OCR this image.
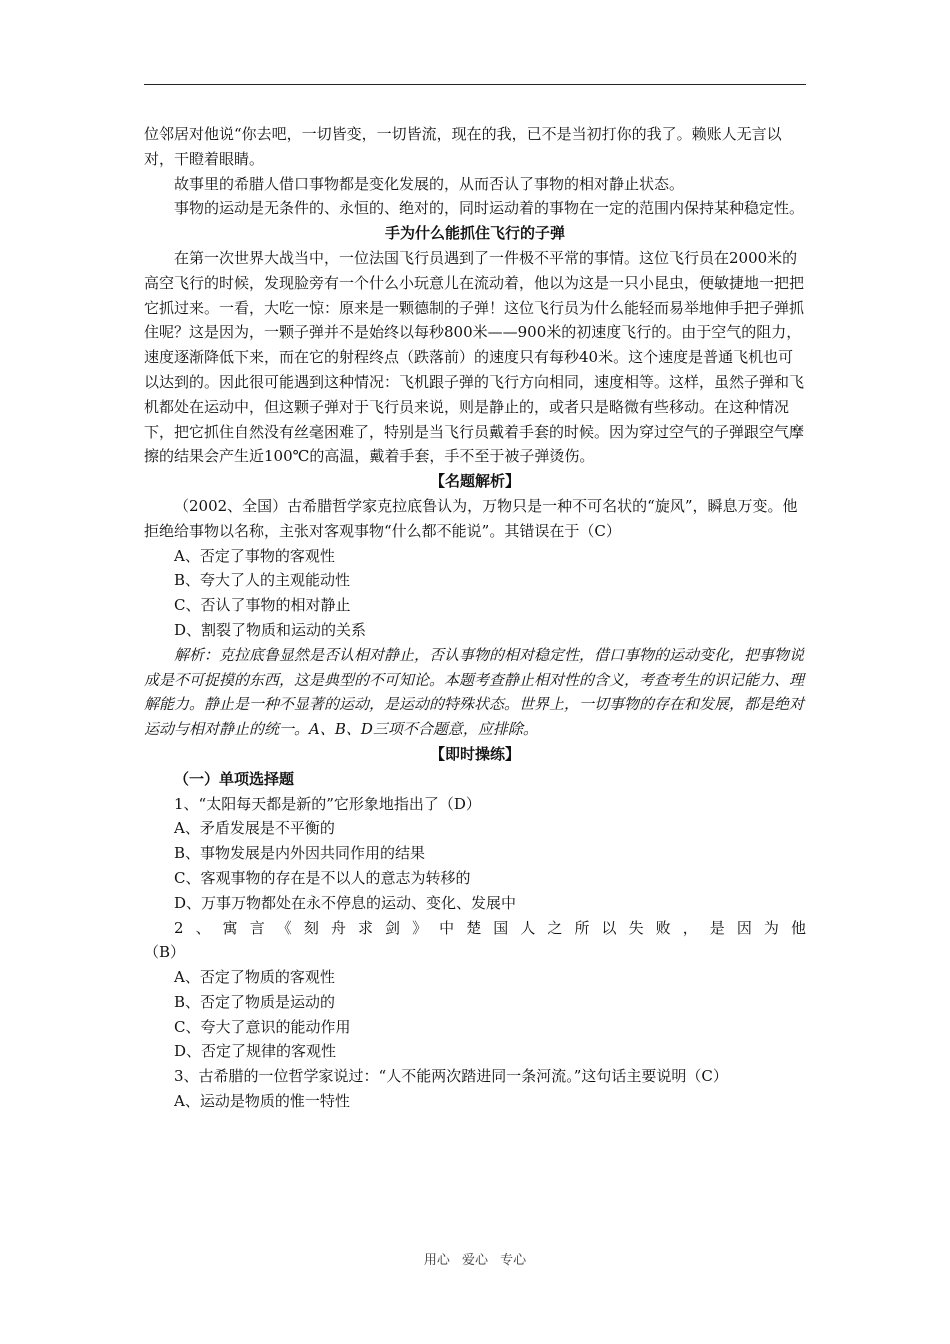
位邻居对他说“你去吧，一切皆变，一切皆流，现在的我，已不是当初打你的我了。赖账人无言以对，干瞪着眼睛。

故事里的希腊人借口事物都是变化发展的，从而否认了事物的相对静止状态。

事物的运动是无条件的、永恒的、绝对的，同时运动着的事物在一定的范围内保持某种稳定性。

手为什么能抓住飞行的子弹

在第一次世界大战当中，一位法国飞行员遇到了一件极不平常的事情。这位飞行员在2000米的高空飞行的时候，发现脸旁有一个什么小玩意儿在流动着，他以为这是一只小昆虫，便敏捷地一把把它抓过来。一看，大吃一惊：原来是一颗德制的子弹！这位飞行员为什么能轻而易举地伸手把子弹抓住呢？这是因为，一颗子弹并不是始终以每秒800米——900米的初速度飞行的。由于空气的阻力，速度逐渐降低下来，而在它的射程终点（跌落前）的速度只有每秒40米。这个速度是普通飞机也可以达到的。因此很可能遇到这种情况：飞机跟子弹的飞行方向相同，速度相等。这样，虽然子弹和飞机都处在运动中，但这颗子弹对于飞行员来说，则是静止的，或者只是略微有些移动。在这种情况下，把它抓住自然没有丝毫困难了，特别是当飞行员戴着手套的时候。因为穿过空气的子弹跟空气摩擦的结果会产生近100℃的高温，戴着手套，手不至于被子弹烫伤。

【名题解析】

（2002、全国）古希腊哲学家克拉底鲁认为，万物只是一种不可名状的“旋风”，瞬息万变。他拒绝给事物以名称，主张对客观事物“什么都不能说”。其错误在于（C）

A、否定了事物的客观性

B、夸大了人的主观能动性

C、否认了事物的相对静止

D、割裂了物质和运动的关系

解析：克拉底鲁显然是否认相对静止，否认事物的相对稳定性，借口事物的运动变化，把事物说成是不可捉摸的东西，这是典型的不可知论。本题考查静止相对性的含义，考查考生的识记能力、理解能力。静止是一种不显著的运动，是运动的特殊状态。世界上，一切事物的存在和发展，都是绝对运动与相对静止的统一。A、B、D三项不合题意，应排除。

【即时操练】

（一）单项选择题

1、“太阳每天都是新的”它形象地指出了（D）

A、矛盾发展是不平衡的

B、事物发展是内外因共同作用的结果

C、客观事物的存在是不以人的意志为转移的

D、万事万物都处在永不停息的运动、变化、发展中

2、寓言《刻舟求剑》中楚国人之所以失败，是因为他

（B）

A、否定了物质的客观性

B、否定了物质是运动的

C、夸大了意识的能动作用

D、否定了规律的客观性

3、古希腊的一位哲学家说过：“人不能两次踏进同一条河流。”这句话主要说明（C）

A、运动是物质的惟一特性

用心 爱心 专心
